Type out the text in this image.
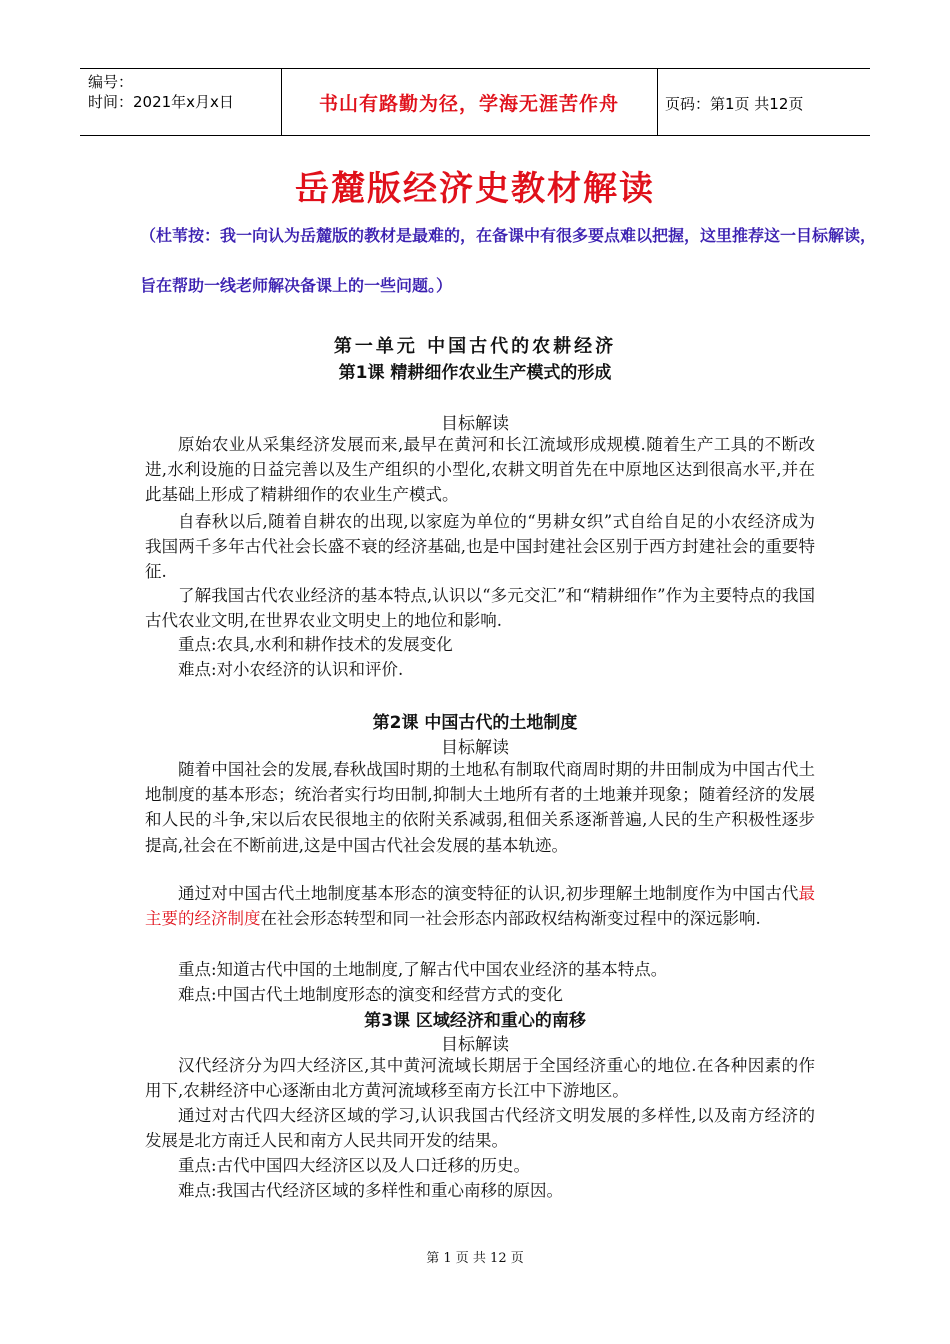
编号：
时间：2021年x月x日	书山有路勤为径，学海无涯苦作舟	页码：第1页 共12页
岳麓版经济史教材解读
（杜苇按：我一向认为岳麓版的教材是最难的，在备课中有很多要点难以把握，这里推荐这一目标解读，
旨在帮助一线老师解决备课上的一些问题。）
第一单元 中国古代的农耕经济
第1课 精耕细作农业生产模式的形成
目标解读
原始农业从采集经济发展而来,最早在黄河和长江流域形成规模.随着生产工具的不断改进,水利设施的日益完善以及生产组织的小型化,农耕文明首先在中原地区达到很高水平,并在此基础上形成了精耕细作的农业生产模式。
自春秋以后,随着自耕农的出现,以家庭为单位的“男耕女织”式自给自足的小农经济成为我国两千多年古代社会长盛不衰的经济基础,也是中国封建社会区别于西方封建社会的重要特征.
了解我国古代农业经济的基本特点,认识以“多元交汇”和“精耕细作”作为主要特点的我国古代农业文明,在世界农业文明史上的地位和影响.
重点:农具,水利和耕作技术的发展变化
难点:对小农经济的认识和评价.
第2课 中国古代的土地制度
目标解读
随着中国社会的发展,春秋战国时期的土地私有制取代商周时期的井田制成为中国古代土地制度的基本形态；统治者实行均田制,抑制大土地所有者的土地兼并现象；随着经济的发展和人民的斗争,宋以后农民很地主的依附关系减弱,租佃关系逐渐普遍,人民的生产积极性逐步提高,社会在不断前进,这是中国古代社会发展的基本轨迹。
通过对中国古代土地制度基本形态的演变特征的认识,初步理解土地制度作为中国古代最主要的经济制度在社会形态转型和同一社会形态内部政权结构渐变过程中的深远影响.
重点:知道古代中国的土地制度,了解古代中国农业经济的基本特点。
难点:中国古代土地制度形态的演变和经营方式的变化
第3课 区域经济和重心的南移
目标解读
汉代经济分为四大经济区,其中黄河流域长期居于全国经济重心的地位.在各种因素的作用下,农耕经济中心逐渐由北方黄河流域移至南方长江中下游地区。
通过对古代四大经济区域的学习,认识我国古代经济文明发展的多样性,以及南方经济的发展是北方南迁人民和南方人民共同开发的结果。
重点:古代中国四大经济区以及人口迁移的历史。
难点:我国古代经济区域的多样性和重心南移的原因。
第 1 页 共 12 页
